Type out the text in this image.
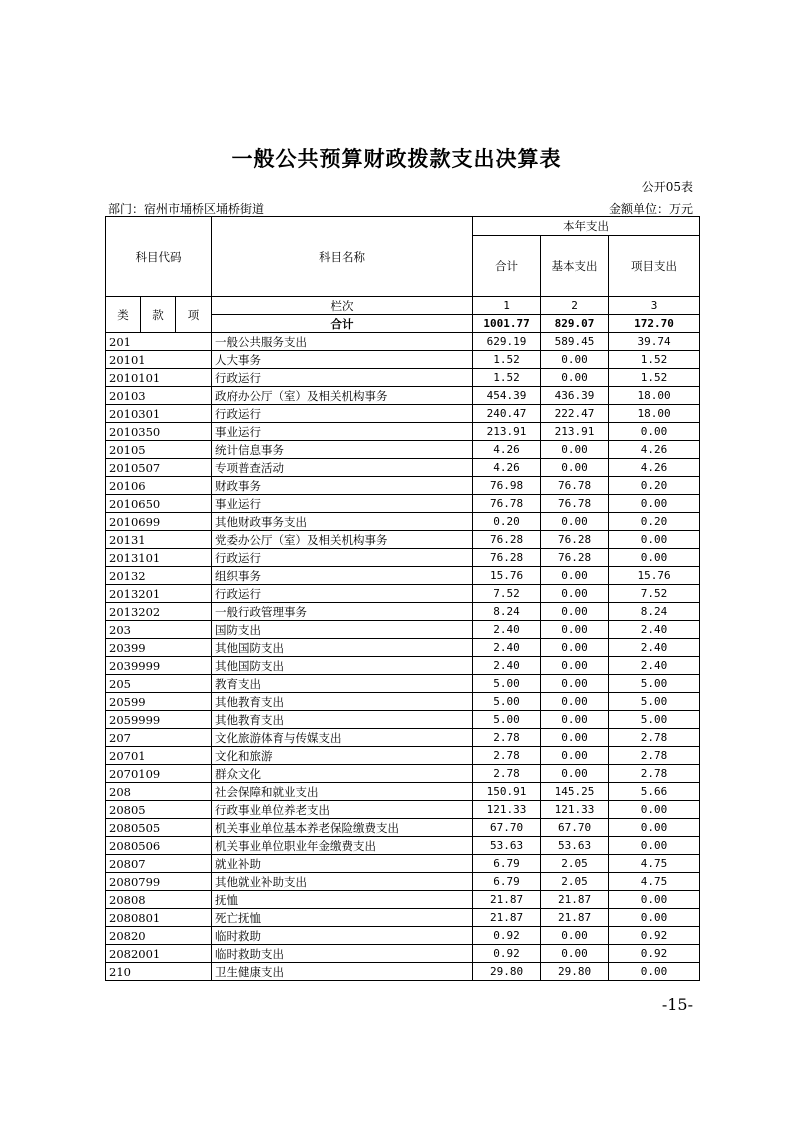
一般公共预算财政拨款支出决算表
公开05表
部门：宿州市埇桥区埇桥街道	金额单位：万元
科目代码			科目名称	本年支出		
				合计	基本支出	项目支出
类	款	项	栏次	1	2	3
			合计	1001.77	829.07	172.70
201			一般公共服务支出	629.19	589.45	39.74
20101			人大事务	1.52	0.00	1.52
2010101			行政运行	1.52	0.00	1.52
20103			政府办公厅（室）及相关机构事务	454.39	436.39	18.00
2010301			行政运行	240.47	222.47	18.00
2010350			事业运行	213.91	213.91	0.00
20105			统计信息事务	4.26	0.00	4.26
2010507			专项普查活动	4.26	0.00	4.26
20106			财政事务	76.98	76.78	0.20
2010650			事业运行	76.78	76.78	0.00
2010699			其他财政事务支出	0.20	0.00	0.20
20131			党委办公厅（室）及相关机构事务	76.28	76.28	0.00
2013101			行政运行	76.28	76.28	0.00
20132			组织事务	15.76	0.00	15.76
2013201			行政运行	7.52	0.00	7.52
2013202			一般行政管理事务	8.24	0.00	8.24
203			国防支出	2.40	0.00	2.40
20399			其他国防支出	2.40	0.00	2.40
2039999			其他国防支出	2.40	0.00	2.40
205			教育支出	5.00	0.00	5.00
20599			其他教育支出	5.00	0.00	5.00
2059999			其他教育支出	5.00	0.00	5.00
207			文化旅游体育与传媒支出	2.78	0.00	2.78
20701			文化和旅游	2.78	0.00	2.78
2070109			群众文化	2.78	0.00	2.78
208			社会保障和就业支出	150.91	145.25	5.66
20805			行政事业单位养老支出	121.33	121.33	0.00
2080505			机关事业单位基本养老保险缴费支出	67.70	67.70	0.00
2080506			机关事业单位职业年金缴费支出	53.63	53.63	0.00
20807			就业补助	6.79	2.05	4.75
2080799			其他就业补助支出	6.79	2.05	4.75
20808			抚恤	21.87	21.87	0.00
2080801			死亡抚恤	21.87	21.87	0.00
20820			临时救助	0.92	0.00	0.92
2082001			临时救助支出	0.92	0.00	0.92
210			卫生健康支出	29.80	29.80	0.00
-15-
